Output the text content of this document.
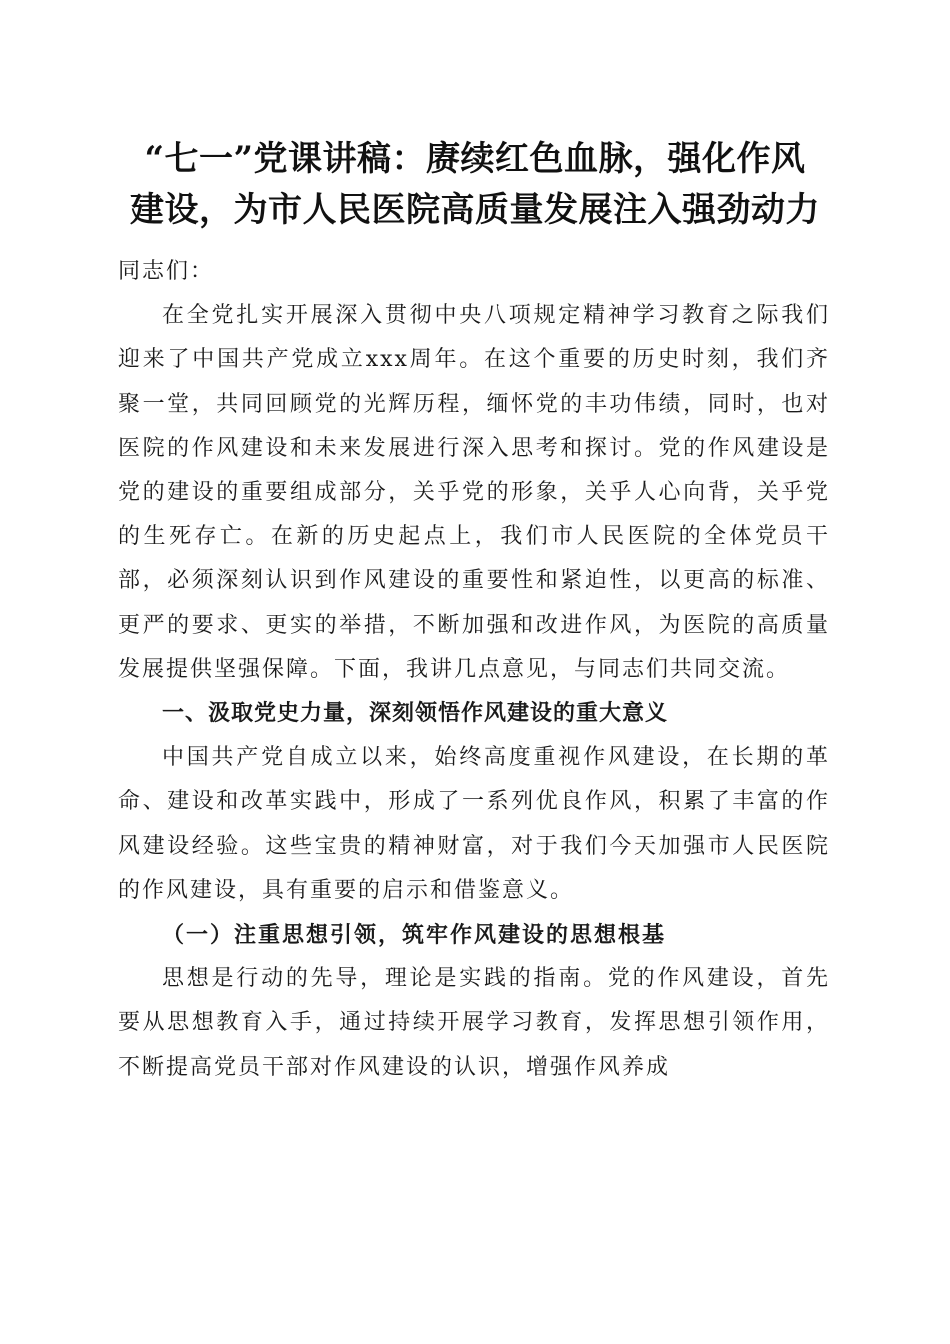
“七一”党课讲稿：赓续红色血脉，强化作风
建设，为市人民医院高质量发展注入强劲动力

同志们：

在全党扎实开展深入贯彻中央八项规定精神学习教育之际我们迎来了中国共产党成立xxx周年。在这个重要的历史时刻，我们齐聚一堂，共同回顾党的光辉历程，缅怀党的丰功伟绩，同时，也对医院的作风建设和未来发展进行深入思考和探讨。党的作风建设是党的建设的重要组成部分，关乎党的形象，关乎人心向背，关乎党的生死存亡。在新的历史起点上，我们市人民医院的全体党员干部，必须深刻认识到作风建设的重要性和紧迫性，以更高的标准、更严的要求、更实的举措，不断加强和改进作风，为医院的高质量发展提供坚强保障。下面，我讲几点意见，与同志们共同交流。

一、汲取党史力量，深刻领悟作风建设的重大意义

中国共产党自成立以来，始终高度重视作风建设，在长期的革命、建设和改革实践中，形成了一系列优良作风，积累了丰富的作风建设经验。这些宝贵的精神财富，对于我们今天加强市人民医院的作风建设，具有重要的启示和借鉴意义。

（一）注重思想引领，筑牢作风建设的思想根基

思想是行动的先导，理论是实践的指南。党的作风建设，首先要从思想教育入手，通过持续开展学习教育，发挥思想引领作用，不断提高党员干部对作风建设的认识，增强作风养成
